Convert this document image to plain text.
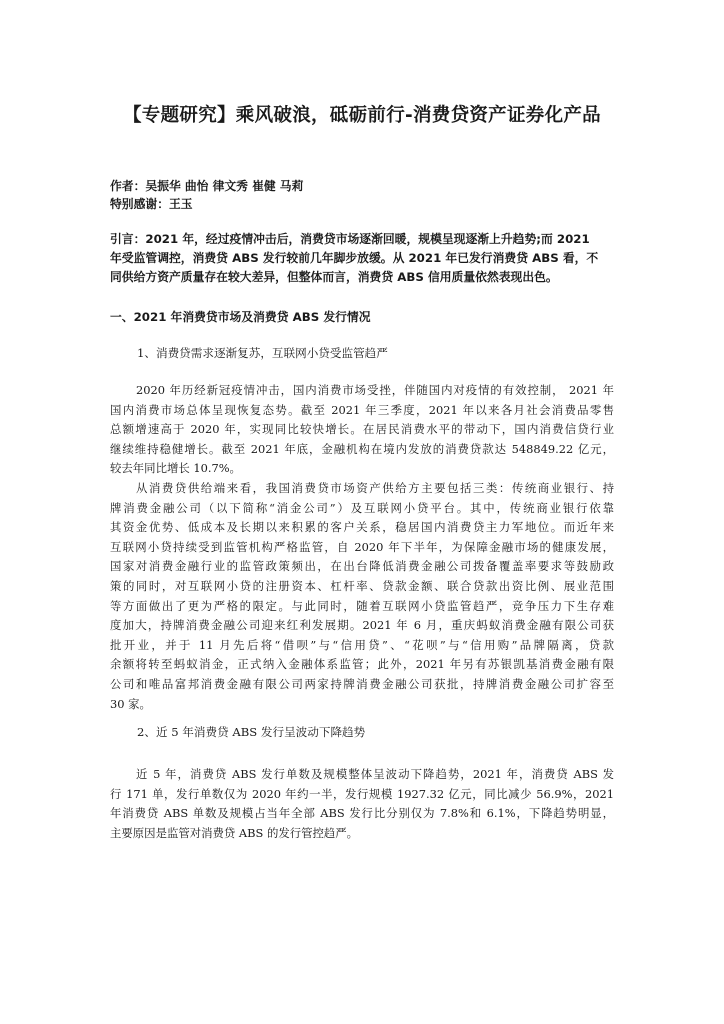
【专题研究】乘风破浪，砥砺前行-消费贷资产证券化产品
作者：吴振华 曲怡 律文秀 崔健 马莉
特别感谢：王玉
引言：2021 年，经过疫情冲击后，消费贷市场逐渐回暖，规模呈现逐渐上升趋势;而 2021
年受监管调控，消费贷 ABS 发行较前几年脚步放缓。从 2021 年已发行消费贷 ABS 看，不
同供给方资产质量存在较大差异，但整体而言，消费贷 ABS 信用质量依然表现出色。
一、2021 年消费贷市场及消费贷 ABS 发行情况
1、消费贷需求逐渐复苏，互联网小贷受监管趋严
2020 年历经新冠疫情冲击，国内消费市场受挫，伴随国内对疫情的有效控制， 2021 年
国内消费市场总体呈现恢复态势。截至 2021 年三季度，2021 年以来各月社会消费品零售
总额增速高于 2020 年，实现同比较快增长。在居民消费水平的带动下，国内消费信贷行业
继续维持稳健增长。截至 2021 年底，金融机构在境内发放的消费贷款达 548849.22 亿元，
较去年同比增长 10.7%。
从消费贷供给端来看，我国消费贷市场资产供给方主要包括三类：传统商业银行、持
牌消费金融公司（以下简称“消金公司”）及互联网小贷平台。其中，传统商业银行依靠
其资金优势、低成本及长期以来积累的客户关系，稳居国内消费贷主力军地位。而近年来
互联网小贷持续受到监管机构严格监管，自 2020 年下半年，为保障金融市场的健康发展，
国家对消费金融行业的监管政策频出，在出台降低消费金融公司拨备覆盖率要求等鼓励政
策的同时，对互联网小贷的注册资本、杠杆率、贷款金额、联合贷款出资比例、展业范围
等方面做出了更为严格的限定。与此同时，随着互联网小贷监管趋严，竞争压力下生存难
度加大，持牌消费金融公司迎来红利发展期。2021 年 6 月，重庆蚂蚁消费金融有限公司获
批开业，并于 11 月先后将“借呗”与“信用贷”、“花呗”与“信用购”品牌隔离，贷款
余额将转至蚂蚁消金，正式纳入金融体系监管；此外，2021 年另有苏银凯基消费金融有限
公司和唯品富邦消费金融有限公司两家持牌消费金融公司获批，持牌消费金融公司扩容至
30 家。
2、近 5 年消费贷 ABS 发行呈波动下降趋势
近 5 年，消费贷 ABS 发行单数及规模整体呈波动下降趋势，2021 年，消费贷 ABS 发
行 171 单，发行单数仅为 2020 年约一半，发行规模 1927.32 亿元，同比减少 56.9%，2021
年消费贷 ABS 单数及规模占当年全部 ABS 发行比分别仅为 7.8%和 6.1%，下降趋势明显，
主要原因是监管对消费贷 ABS 的发行管控趋严。
